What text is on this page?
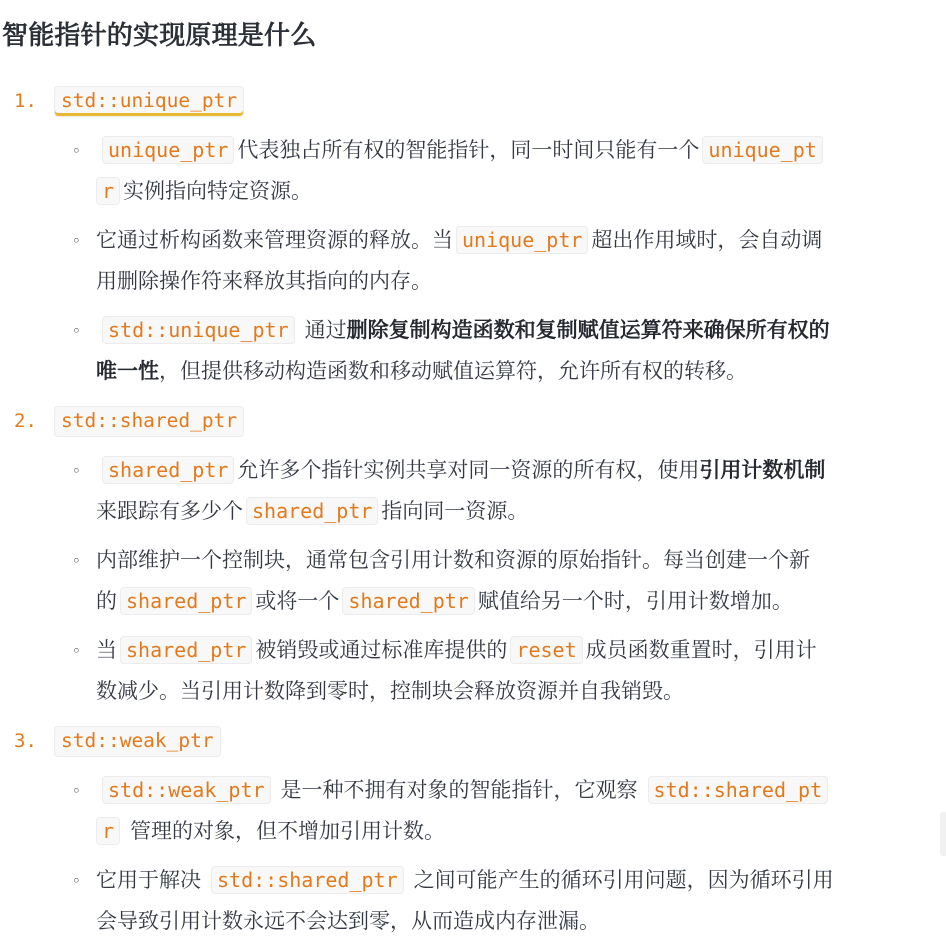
智能指针的实现原理是什么
1.	std::unique_ptr
◦	unique_ptr 代表独占所有权的智能指针，同一时间只能有一个 unique_pt
r 实例指向特定资源。

◦ 它通过析构函数来管理资源的释放。当 unique_ptr 超出作用域时，会自动调
用删除操作符来释放其指向的内存。

◦	std::unique_ptr 通过删除复制构造函数和复制赋值运算符来确保所有权的
唯一性，但提供移动构造函数和移动赋值运算符，允许所有权的转移。

2.	std::shared_ptr
◦	shared_ptr 允许多个指针实例共享对同一资源的所有权，使用引用计数机制
来跟踪有多少个 shared_ptr 指向同一资源。

◦ 内部维护一个控制块，通常包含引用计数和资源的原始指针。每当创建一个新
的 shared_ptr 或将一个 shared_ptr 赋值给另一个时，引用计数增加。

◦ 当 shared_ptr 被销毁或通过标准库提供的 reset 成员函数重置时，引用计
数减少。当引用计数降到零时，控制块会释放资源并自我销毁。

3.	std::weak_ptr
◦	std::weak_ptr 是一种不拥有对象的智能指针，它观察 std::shared_pt
r 管理的对象，但不增加引用计数。

◦ 它用于解决 std::shared_ptr 之间可能产生的循环引用问题，因为循环引用
会导致引用计数永远不会达到零，从而造成内存泄漏。
